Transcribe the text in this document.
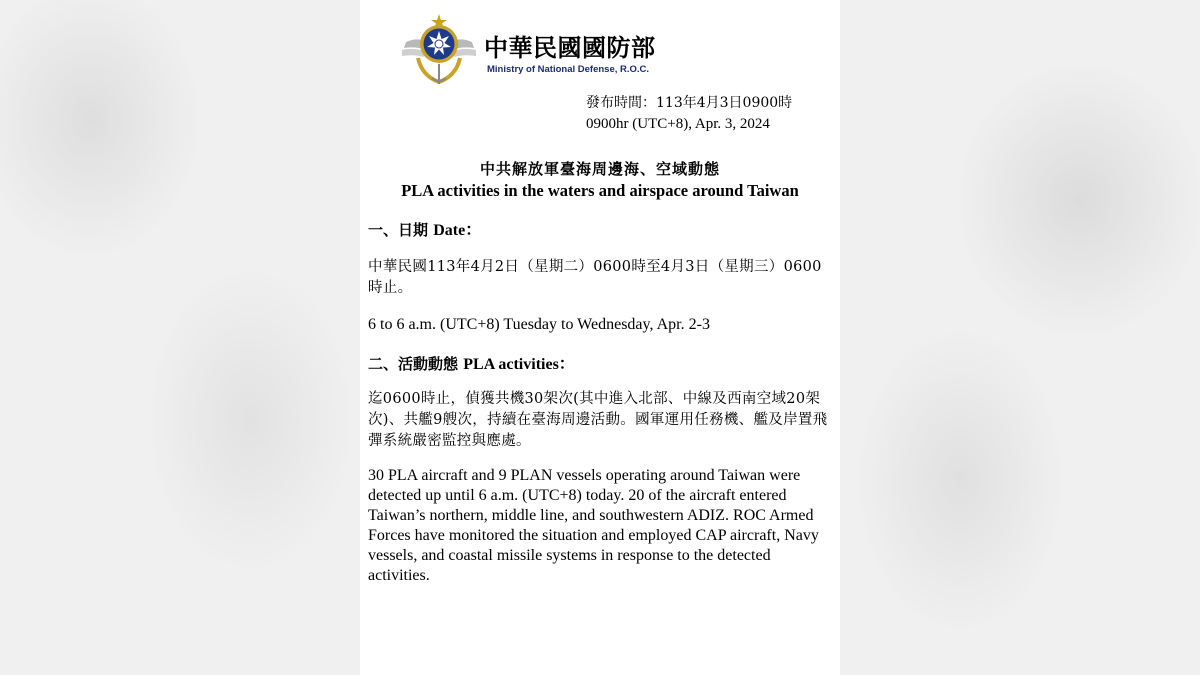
中華民國國防部
Ministry of National Defense, R.O.C.
發布時間：113年4月3日0900時
0900hr (UTC+8), Apr. 3, 2024
中共解放軍臺海周邊海、空域動態
PLA activities in the waters and airspace around Taiwan
一、日期 Date：
中華民國113年4月2日（星期二）0600時至4月3日（星期三）0600時止。
6 to 6 a.m. (UTC+8) Tuesday to Wednesday, Apr. 2-3
二、活動動態 PLA activities：
迄0600時止，偵獲共機30架次(其中進入北部、中線及西南空域20架次)、共艦9艘次，持續在臺海周邊活動。國軍運用任務機、艦及岸置飛彈系統嚴密監控與應處。
30 PLA aircraft and 9 PLAN vessels operating around Taiwan were detected up until 6 a.m. (UTC+8) today. 20 of the aircraft entered Taiwan’s northern, middle line, and southwestern ADIZ. ROC Armed Forces have monitored the situation and employed CAP aircraft, Navy vessels, and coastal missile systems in response to the detected activities.
